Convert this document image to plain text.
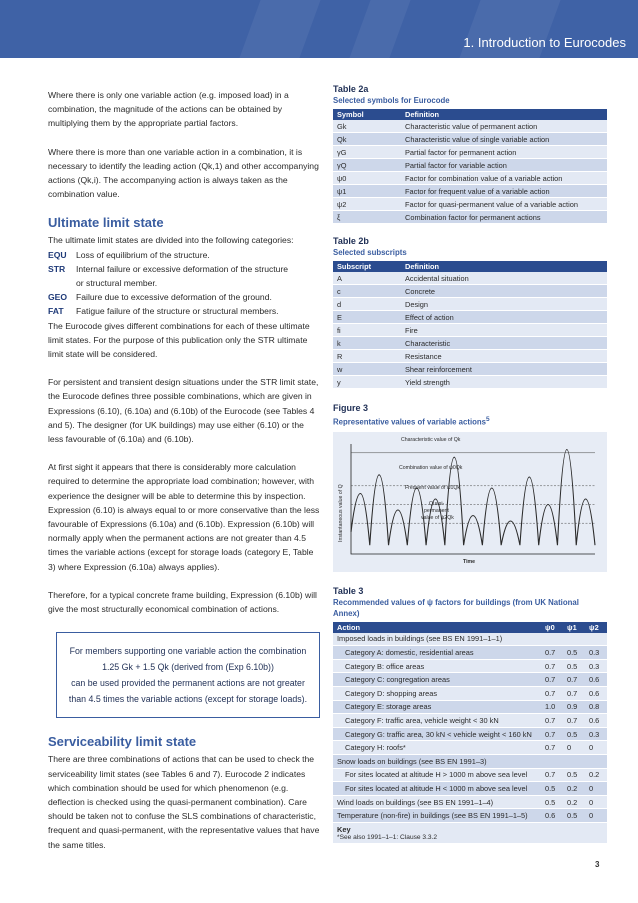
1. Introduction to Eurocodes

Where there is only one variable action (e.g. imposed load) in a combination, the magnitude of the actions can be obtained by multiplying them by the appropriate partial factors.

Where there is more than one variable action in a combination, it is necessary to identify the leading action (Qk,1) and other accompanying actions (Qk,i). The accompanying action is always taken as the combination value.

Ultimate limit state

The ultimate limit states are divided into the following categories:

EQU	Loss of equilibrium of the structure.
STR	Internal failure or excessive deformation of the structure
or structural member.
GEO	Failure due to excessive deformation of the ground.
FAT	Fatigue failure of the structure or structural members.

The Eurocode gives different combinations for each of these ultimate limit states. For the purpose of this publication only the STR ultimate limit state will be considered.

For persistent and transient design situations under the STR limit state, the Eurocode defines three possible combinations, which are given in Expressions (6.10), (6.10a) and (6.10b) of the Eurocode (see Tables 4 and 5). The designer (for UK buildings) may use either (6.10) or the less favourable of (6.10a) and (6.10b).

At first sight it appears that there is considerably more calculation required to determine the appropriate load combination; however, with experience the designer will be able to determine this by inspection. Expression (6.10) is always equal to or more conservative than the less favourable of Expressions (6.10a) and (6.10b). Expression (6.10b) will normally apply when the permanent actions are not greater than 4.5 times the variable actions (except for storage loads (category E, Table 3) where Expression (6.10a) always applies).

Therefore, for a typical concrete frame building, Expression (6.10b) will give the most structurally economical combination of actions.

For members supporting one variable action the combination
1.25 Gk + 1.5 Qk (derived from (Exp 6.10b))
can be used provided the permanent actions are not greater
than 4.5 times the variable actions (except for storage loads).
Serviceability limit state

There are three combinations of actions that can be used to check the serviceability limit states (see Tables 6 and 7). Eurocode 2 indicates which combination should be used for which phenomenon (e.g. deflection is checked using the quasi-permanent combination). Care should be taken not to confuse the SLS combinations of characteristic, frequent and quasi-permanent, with the representative values that have the same titles.

Table 2a
Selected symbols for Eurocode
Symbol	Definition
Gk	Characteristic value of permanent action
Qk	Characteristic value of single variable action
γG	Partial factor for permanent action
γQ	Partial factor for variable action
ψ0	Factor for combination value of a variable action
ψ1	Factor for frequent value of a variable action
ψ2	Factor for quasi-permanent value of a variable action
ξ	Combination factor for permanent actions
Table 2b
Selected subscripts
Subscript	Definition
A	Accidental situation
c	Concrete
d	Design
E	Effect of action
fi	Fire
k	Characteristic
R	Resistance
w	Shear reinforcement
y	Yield strength
Figure 3
Representative values of variable actions$^5$
Instantaneous value of Q
Time
Characteristic value of Qk
Combination value of ψ0Qk
Frequent value of ψ1Qk
Quasi-
permanent
value of ψ2Qk
Table 3
Recommended values of ψ factors for buildings (from UK National Annex)
Action	ψ0	ψ1	ψ2
Imposed loads in buildings (see BS EN 1991–1–1)			
Category A: domestic, residential areas	0.7	0.5	0.3
Category B: office areas	0.7	0.5	0.3
Category C: congregation areas	0.7	0.7	0.6
Category D: shopping areas	0.7	0.7	0.6
Category E: storage areas	1.0	0.9	0.8
Category F: traffic area, vehicle weight < 30 kN	0.7	0.7	0.6
Category G: traffic area, 30 kN < vehicle weight < 160 kN	0.7	0.5	0.3
Category H: roofs*	0.7	0	0
Snow loads on buildings (see BS EN 1991–3)			
For sites located at altitude H > 1000 m above sea level	0.7	0.5	0.2
For sites located at altitude H < 1000 m above sea level	0.5	0.2	0
Wind loads on buildings (see BS EN 1991–1–4)	0.5	0.2	0
Temperature (non-fire) in buildings (see BS EN 1991–1–5)	0.6	0.5	0
Key
*See also 1991–1–1: Clause 3.3.2
3
